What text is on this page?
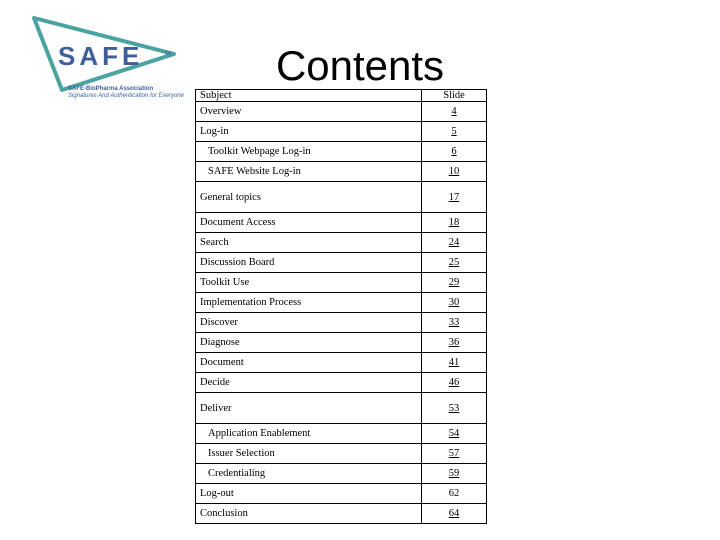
SAFE	TM
SAFE-BioPharma Association
Signatures And Authentication for Everyone
Contents
Subject	Slide
Overview	4
Log-in	5
Toolkit Webpage Log-in	6
SAFE Website Log-in	10
General topics	17
Document Access	18
Search	24
Discussion Board	25
Toolkit Use	29
Implementation Process	30
Discover	33
Diagnose	36
Document	41
Decide	46
Deliver	53
Application Enablement	54
Issuer Selection	57
Credentialing	59
Log-out	62
Conclusion	64
